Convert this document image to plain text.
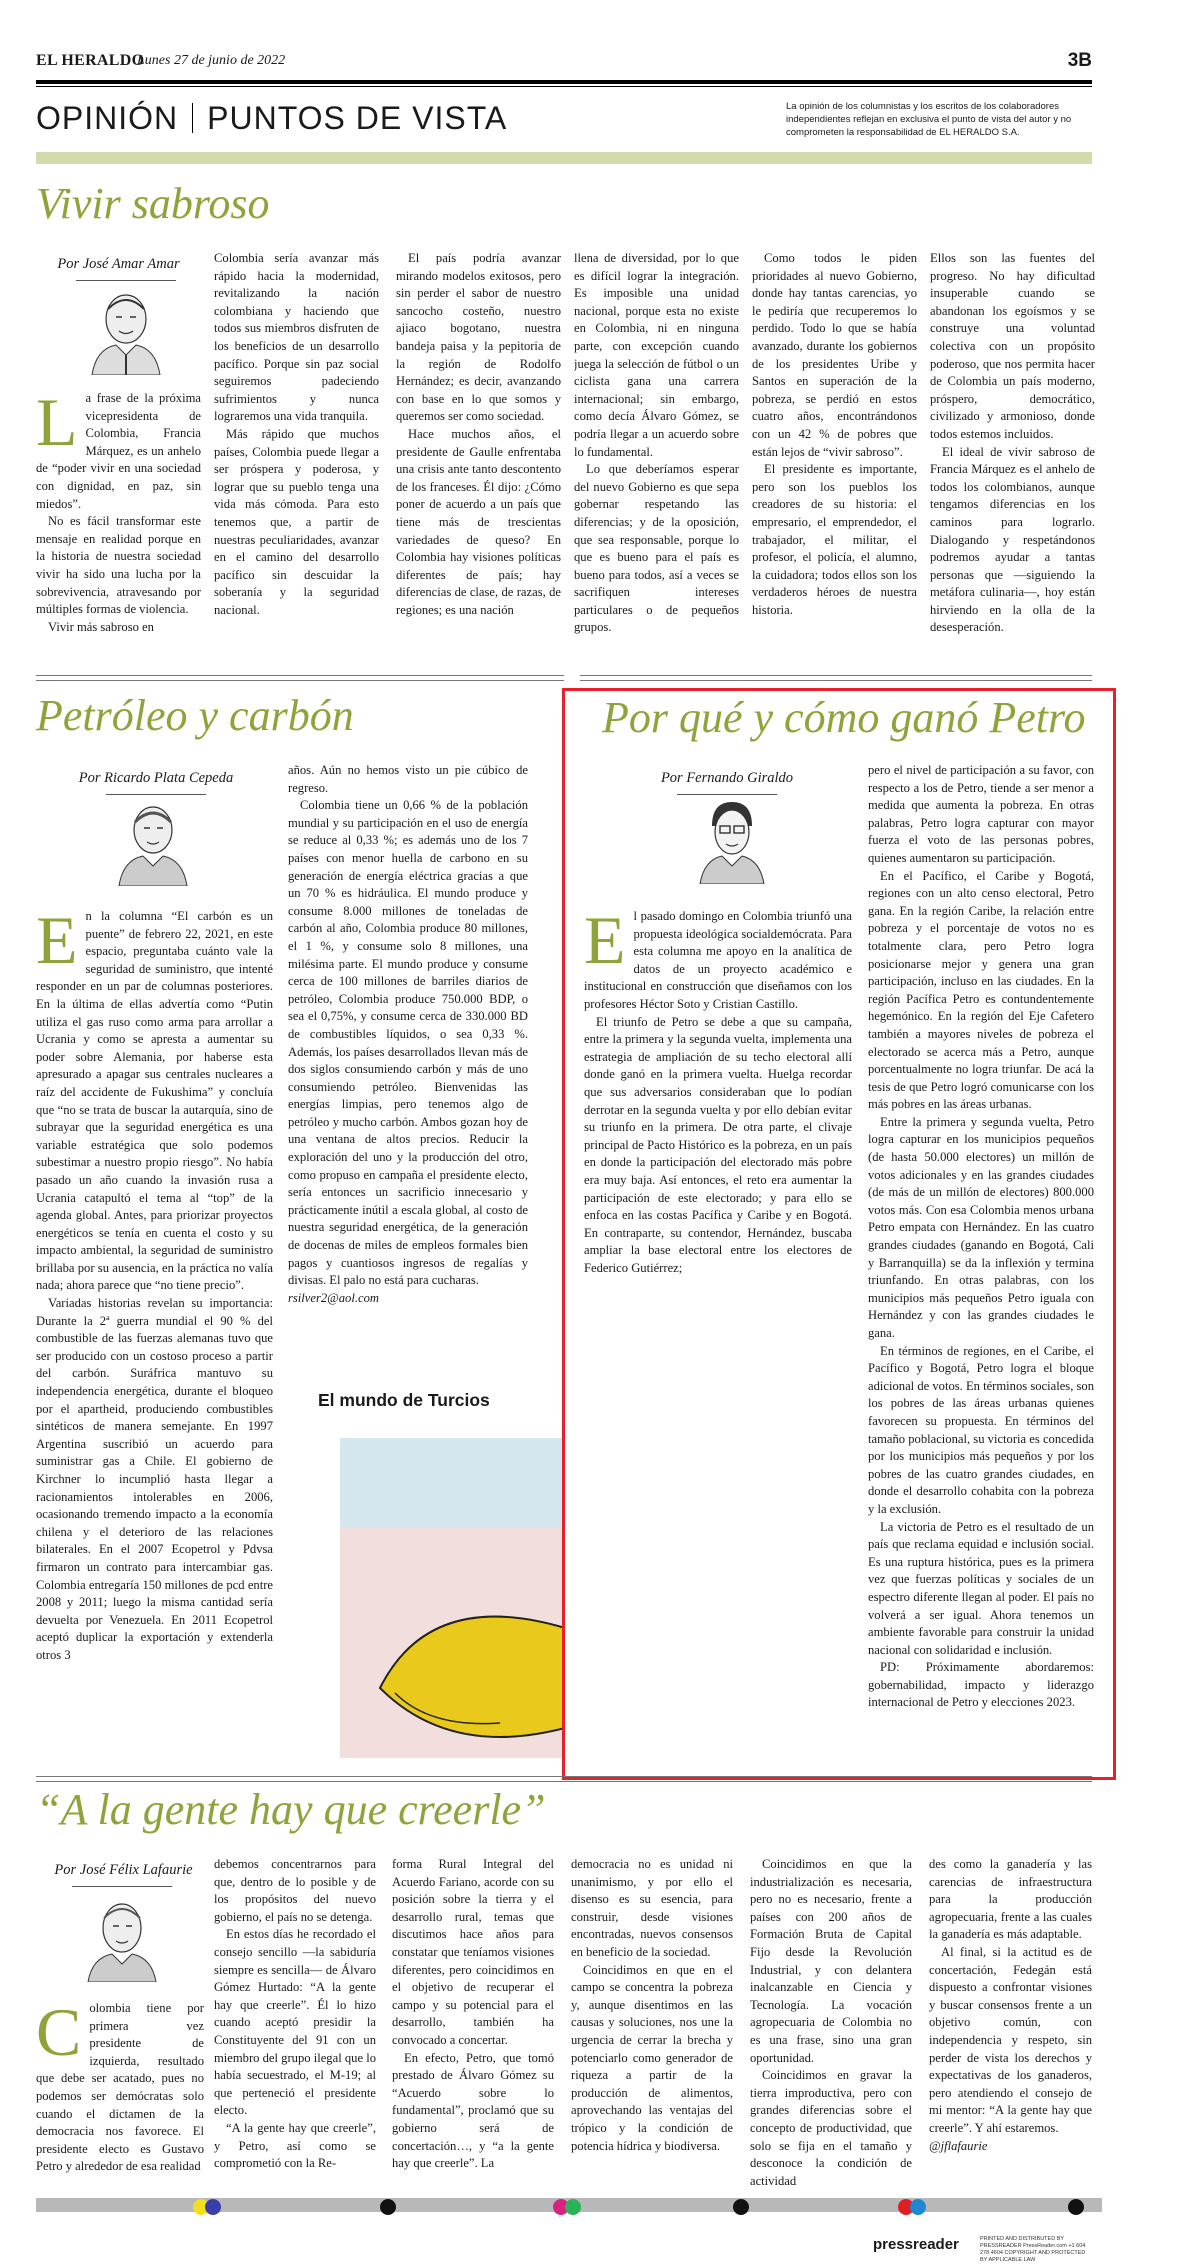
EL HERALDO
Lunes 27 de junio de 2022	3B
OPINIÓN PUNTOS DE VISTA	La opinión de los columnistas y los escritos de los colaboradores independientes reflejan en exclusiva el punto de vista del autor y no comprometen la responsabilidad de EL HERALDO S.A.
Vivir sabroso
Por José Amar Amar
L a frase de la próxima vicepresidenta de Colombia, Francia Márquez, es un anhelo de “poder vivir en una sociedad con dignidad, en paz, sin miedos”.

No es fácil transformar este mensaje en realidad porque en la historia de nuestra sociedad vivir ha sido una lucha por la sobrevivencia, atravesando por múltiples formas de violencia.

Vivir más sabroso en

Colombia sería avanzar más rápido hacia la modernidad, revitalizando la nación colombiana y haciendo que todos sus miembros disfruten de los beneficios de un desarrollo pacífico. Porque sin paz social seguiremos padeciendo sufrimientos y nunca lograremos una vida tranquila.

Más rápido que muchos países, Colombia puede llegar a ser próspera y poderosa, y lograr que su pueblo tenga una vida más cómoda. Para esto tenemos que, a partir de nuestras peculiaridades, avanzar en el camino del desarrollo pacífico sin descuidar la soberanía y la seguridad nacional.

El país podría avanzar mirando modelos exitosos, pero sin perder el sabor de nuestro sancocho costeño, nuestro ajiaco bogotano, nuestra bandeja paisa y la pepitoria de la región de Rodolfo Hernández; es decir, avanzando con base en lo que somos y queremos ser como sociedad.

Hace muchos años, el presidente de Gaulle enfrentaba una crisis ante tanto descontento de los franceses. Él dijo: ¿Cómo poner de acuerdo a un país que tiene más de trescientas variedades de queso? En Colombia hay visiones políticas diferentes de país; hay diferencias de clase, de razas, de regiones; es una nación

llena de diversidad, por lo que es difícil lograr la integración. Es imposible una unidad nacional, porque esta no existe en Colombia, ni en ninguna parte, con excepción cuando juega la selección de fútbol o un ciclista gana una carrera internacional; sin embargo, como decía Álvaro Gómez, se podría llegar a un acuerdo sobre lo fundamental.

Lo que deberíamos esperar del nuevo Gobierno es que sepa gobernar respetando las diferencias; y de la oposición, que sea responsable, porque lo que es bueno para el país es bueno para todos, así a veces se sacrifiquen intereses particulares o de pequeños grupos.

Como todos le piden prioridades al nuevo Gobierno, donde hay tantas carencias, yo le pediría que recuperemos lo perdido. Todo lo que se había avanzado, durante los gobiernos de los presidentes Uribe y Santos en superación de la pobreza, se perdió en estos cuatro años, encontrándonos con un 42 % de pobres que están lejos de “vivir sabroso”.

El presidente es importante, pero son los pueblos los creadores de su historia: el empresario, el emprendedor, el trabajador, el militar, el profesor, el policía, el alumno, la cuidadora; todos ellos son los verdaderos héroes de nuestra historia.

Ellos son las fuentes del progreso. No hay dificultad insuperable cuando se abandonan los egoísmos y se construye una voluntad colectiva con un propósito poderoso, que nos permita hacer de Colombia un país moderno, próspero, democrático, civilizado y armonioso, donde todos estemos incluidos.

El ideal de vivir sabroso de Francia Márquez es el anhelo de todos los colombianos, aunque tengamos diferencias en los caminos para lograrlo. Dialogando y respetándonos podremos ayudar a tantas personas que —siguiendo la metáfora culinaria—, hoy están hirviendo en la olla de la desesperación.

Petróleo y carbón
Por Ricardo Plata Cepeda
E n la columna “El carbón es un puente” de febrero 22, 2021, en este espacio, preguntaba cuánto vale la seguridad de suministro, que intenté responder en un par de columnas posteriores. En la última de ellas advertía como “Putin utiliza el gas ruso como arma para arrollar a Ucrania y como se apresta a aumentar su poder sobre Alemania, por haberse esta apresurado a apagar sus centrales nucleares a raíz del accidente de Fukushima” y concluía que “no se trata de buscar la autarquía, sino de subrayar que la seguridad energética es una variable estratégica que solo podemos subestimar a nuestro propio riesgo”. No había pasado un año cuando la invasión rusa a Ucrania catapultó el tema al “top” de la agenda global. Antes, para priorizar proyectos energéticos se tenía en cuenta el costo y su impacto ambiental, la seguridad de suministro brillaba por su ausencia, en la práctica no valía nada; ahora parece que “no tiene precio”.

Variadas historias revelan su importancia: Durante la 2ª guerra mundial el 90 % del combustible de las fuerzas alemanas tuvo que ser producido con un costoso proceso a partir del carbón. Suráfrica mantuvo su independencia energética, durante el bloqueo por el apartheid, produciendo combustibles sintéticos de manera semejante. En 1997 Argentina suscribió un acuerdo para suministrar gas a Chile. El gobierno de Kirchner lo incumplió hasta llegar a racionamientos intolerables en 2006, ocasionando tremendo impacto a la economía chilena y el deterioro de las relaciones bilaterales. En el 2007 Ecopetrol y Pdvsa firmaron un contrato para intercambiar gas. Colombia entregaría 150 millones de pcd entre 2008 y 2011; luego la misma cantidad sería devuelta por Venezuela. En 2011 Ecopetrol aceptó duplicar la exportación y extenderla otros 3

años. Aún no hemos visto un pie cúbico de regreso.

Colombia tiene un 0,66 % de la población mundial y su participación en el uso de energía se reduce al 0,33 %; es además uno de los 7 países con menor huella de carbono en su generación de energía eléctrica gracias a que un 70 % es hidráulica. El mundo produce y consume 8.000 millones de toneladas de carbón al año, Colombia produce 80 millones, el 1 %, y consume solo 8 millones, una milésima parte. El mundo produce y consume cerca de 100 millones de barriles diarios de petróleo, Colombia produce 750.000 BDP, o sea el 0,75%, y consume cerca de 330.000 BD de combustibles líquidos, o sea 0,33 %. Además, los países desarrollados llevan más de dos siglos consumiendo carbón y más de uno consumiendo petróleo. Bienvenidas las energías limpias, pero tenemos algo de petróleo y mucho carbón. Ambos gozan hoy de una ventana de altos precios. Reducir la exploración del uno y la producción del otro, como propuso en campaña el presidente electo, sería entonces un sacrificio innecesario y prácticamente inútil a escala global, al costo de nuestra seguridad energética, de la generación de docenas de miles de empleos formales bien pagos y cuantiosos ingresos de regalías y divisas. El palo no está para cucharas.

rsilver2@aol.com

El mundo de Turcios
Por qué y cómo ganó Petro
Por Fernando Giraldo
E l pasado domingo en Colombia triunfó una propuesta ideológica socialdemócrata. Para esta columna me apoyo en la analítica de datos de un proyecto académico e institucional en construcción que diseñamos con los profesores Héctor Soto y Cristian Castillo.

El triunfo de Petro se debe a que su campaña, entre la primera y la segunda vuelta, implementa una estrategia de ampliación de su techo electoral allí donde ganó en la primera vuelta. Huelga recordar que sus adversarios consideraban que lo podían derrotar en la segunda vuelta y por ello debían evitar su triunfo en la primera. De otra parte, el clivaje principal de Pacto Histórico es la pobreza, en un país en donde la participación del electorado más pobre era muy baja. Así entonces, el reto era aumentar la participación de este electorado; y para ello se enfoca en las costas Pacífica y Caribe y en Bogotá. En contraparte, su contendor, Hernández, buscaba ampliar la base electoral entre los electores de Federico Gutiérrez;

pero el nivel de participación a su favor, con respecto a los de Petro, tiende a ser menor a medida que aumenta la pobreza. En otras palabras, Petro logra capturar con mayor fuerza el voto de las personas pobres, quienes aumentaron su participación.

En el Pacífico, el Caribe y Bogotá, regiones con un alto censo electoral, Petro gana. En la región Caribe, la relación entre pobreza y el porcentaje de votos no es totalmente clara, pero Petro logra posicionarse mejor y genera una gran participación, incluso en las ciudades. En la región Pacífica Petro es contundentemente hegemónico. En la región del Eje Cafetero también a mayores niveles de pobreza el electorado se acerca más a Petro, aunque porcentualmente no logra triunfar. De acá la tesis de que Petro logró comunicarse con los más pobres en las áreas urbanas.

Entre la primera y segunda vuelta, Petro logra capturar en los municipios pequeños (de hasta 50.000 electores) un millón de votos adicionales y en las grandes ciudades (de más de un millón de electores) 800.000 votos más. Con esa Colombia menos urbana Petro empata con Hernández. En las cuatro grandes ciudades (ganando en Bogotá, Cali y Barranquilla) se da la inflexión y termina triunfando. En otras palabras, con los municipios más pequeños Petro iguala con Hernández y con las grandes ciudades le gana.

En términos de regiones, en el Caribe, el Pacífico y Bogotá, Petro logra el bloque adicional de votos. En términos sociales, son los pobres de las áreas urbanas quienes favorecen su propuesta. En términos del tamaño poblacional, su victoria es concedida por los municipios más pequeños y por los pobres de las cuatro grandes ciudades, en donde el desarrollo cohabita con la pobreza y la exclusión.

La victoria de Petro es el resultado de un país que reclama equidad e inclusión social. Es una ruptura histórica, pues es la primera vez que fuerzas políticas y sociales de un espectro diferente llegan al poder. El país no volverá a ser igual. Ahora tenemos un ambiente favorable para construir la unidad nacional con solidaridad e inclusión.

PD: Próximamente abordaremos: gobernabilidad, impacto y liderazgo internacional de Petro y elecciones 2023.

“A la gente hay que creerle”
Por José Félix Lafaurie
C olombia tiene por primera vez presidente de izquierda, resultado que debe ser acatado, pues no podemos ser demócratas solo cuando el dictamen de la democracia nos favorece. El presidente electo es Gustavo Petro y alrededor de esa realidad

debemos concentrarnos para que, dentro de lo posible y de los propósitos del nuevo gobierno, el país no se detenga.

En estos días he recordado el consejo sencillo —la sabiduría siempre es sencilla— de Álvaro Gómez Hurtado: “A la gente hay que creerle”. Él lo hizo cuando aceptó presidir la Constituyente del 91 con un miembro del grupo ilegal que lo había secuestrado, el M-19; al que perteneció el presidente electo.

“A la gente hay que creerle”, y Petro, así como se comprometió con la Re-

forma Rural Integral del Acuerdo Fariano, acorde con su posición sobre la tierra y el desarrollo rural, temas que discutimos hace años para constatar que teníamos visiones diferentes, pero coincidimos en el objetivo de recuperar el campo y su potencial para el desarrollo, también ha convocado a concertar.

En efecto, Petro, que tomó prestado de Álvaro Gómez su “Acuerdo sobre lo fundamental”, proclamó que su gobierno será de concertación…, y “a la gente hay que creerle”. La

democracia no es unidad ni unanimismo, y por ello el disenso es su esencia, para construir, desde visiones encontradas, nuevos consensos en beneficio de la sociedad.

Coincidimos en que en el campo se concentra la pobreza y, aunque disentimos en las causas y soluciones, nos une la urgencia de cerrar la brecha y potenciarlo como generador de riqueza a partir de la producción de alimentos, aprovechando las ventajas del trópico y la condición de potencia hídrica y biodiversa.

Coincidimos en que la industrialización es necesaria, pero no es necesario, frente a países con 200 años de Formación Bruta de Capital Fijo desde la Revolución Industrial, y con delantera inalcanzable en Ciencia y Tecnología. La vocación agropecuaria de Colombia no es una frase, sino una gran oportunidad.

Coincidimos en gravar la tierra improductiva, pero con grandes diferencias sobre el concepto de productividad, que solo se fija en el tamaño y desconoce la condición de actividad

des como la ganadería y las carencias de infraestructura para la producción agropecuaria, frente a las cuales la ganadería es más adaptable.

Al final, si la actitud es de concertación, Fedegán está dispuesto a confrontar visiones y buscar consensos frente a un objetivo común, con independencia y respeto, sin perder de vista los derechos y expectativas de los ganaderos, pero atendiendo el consejo de mi mentor: “A la gente hay que creerle”. Y ahí estaremos.

@jflafaurie

pressreader	PRINTED AND DISTRIBUTED BY PRESSREADER PressReader.com +1 604 278 4604 COPYRIGHT AND PROTECTED BY APPLICABLE LAW
